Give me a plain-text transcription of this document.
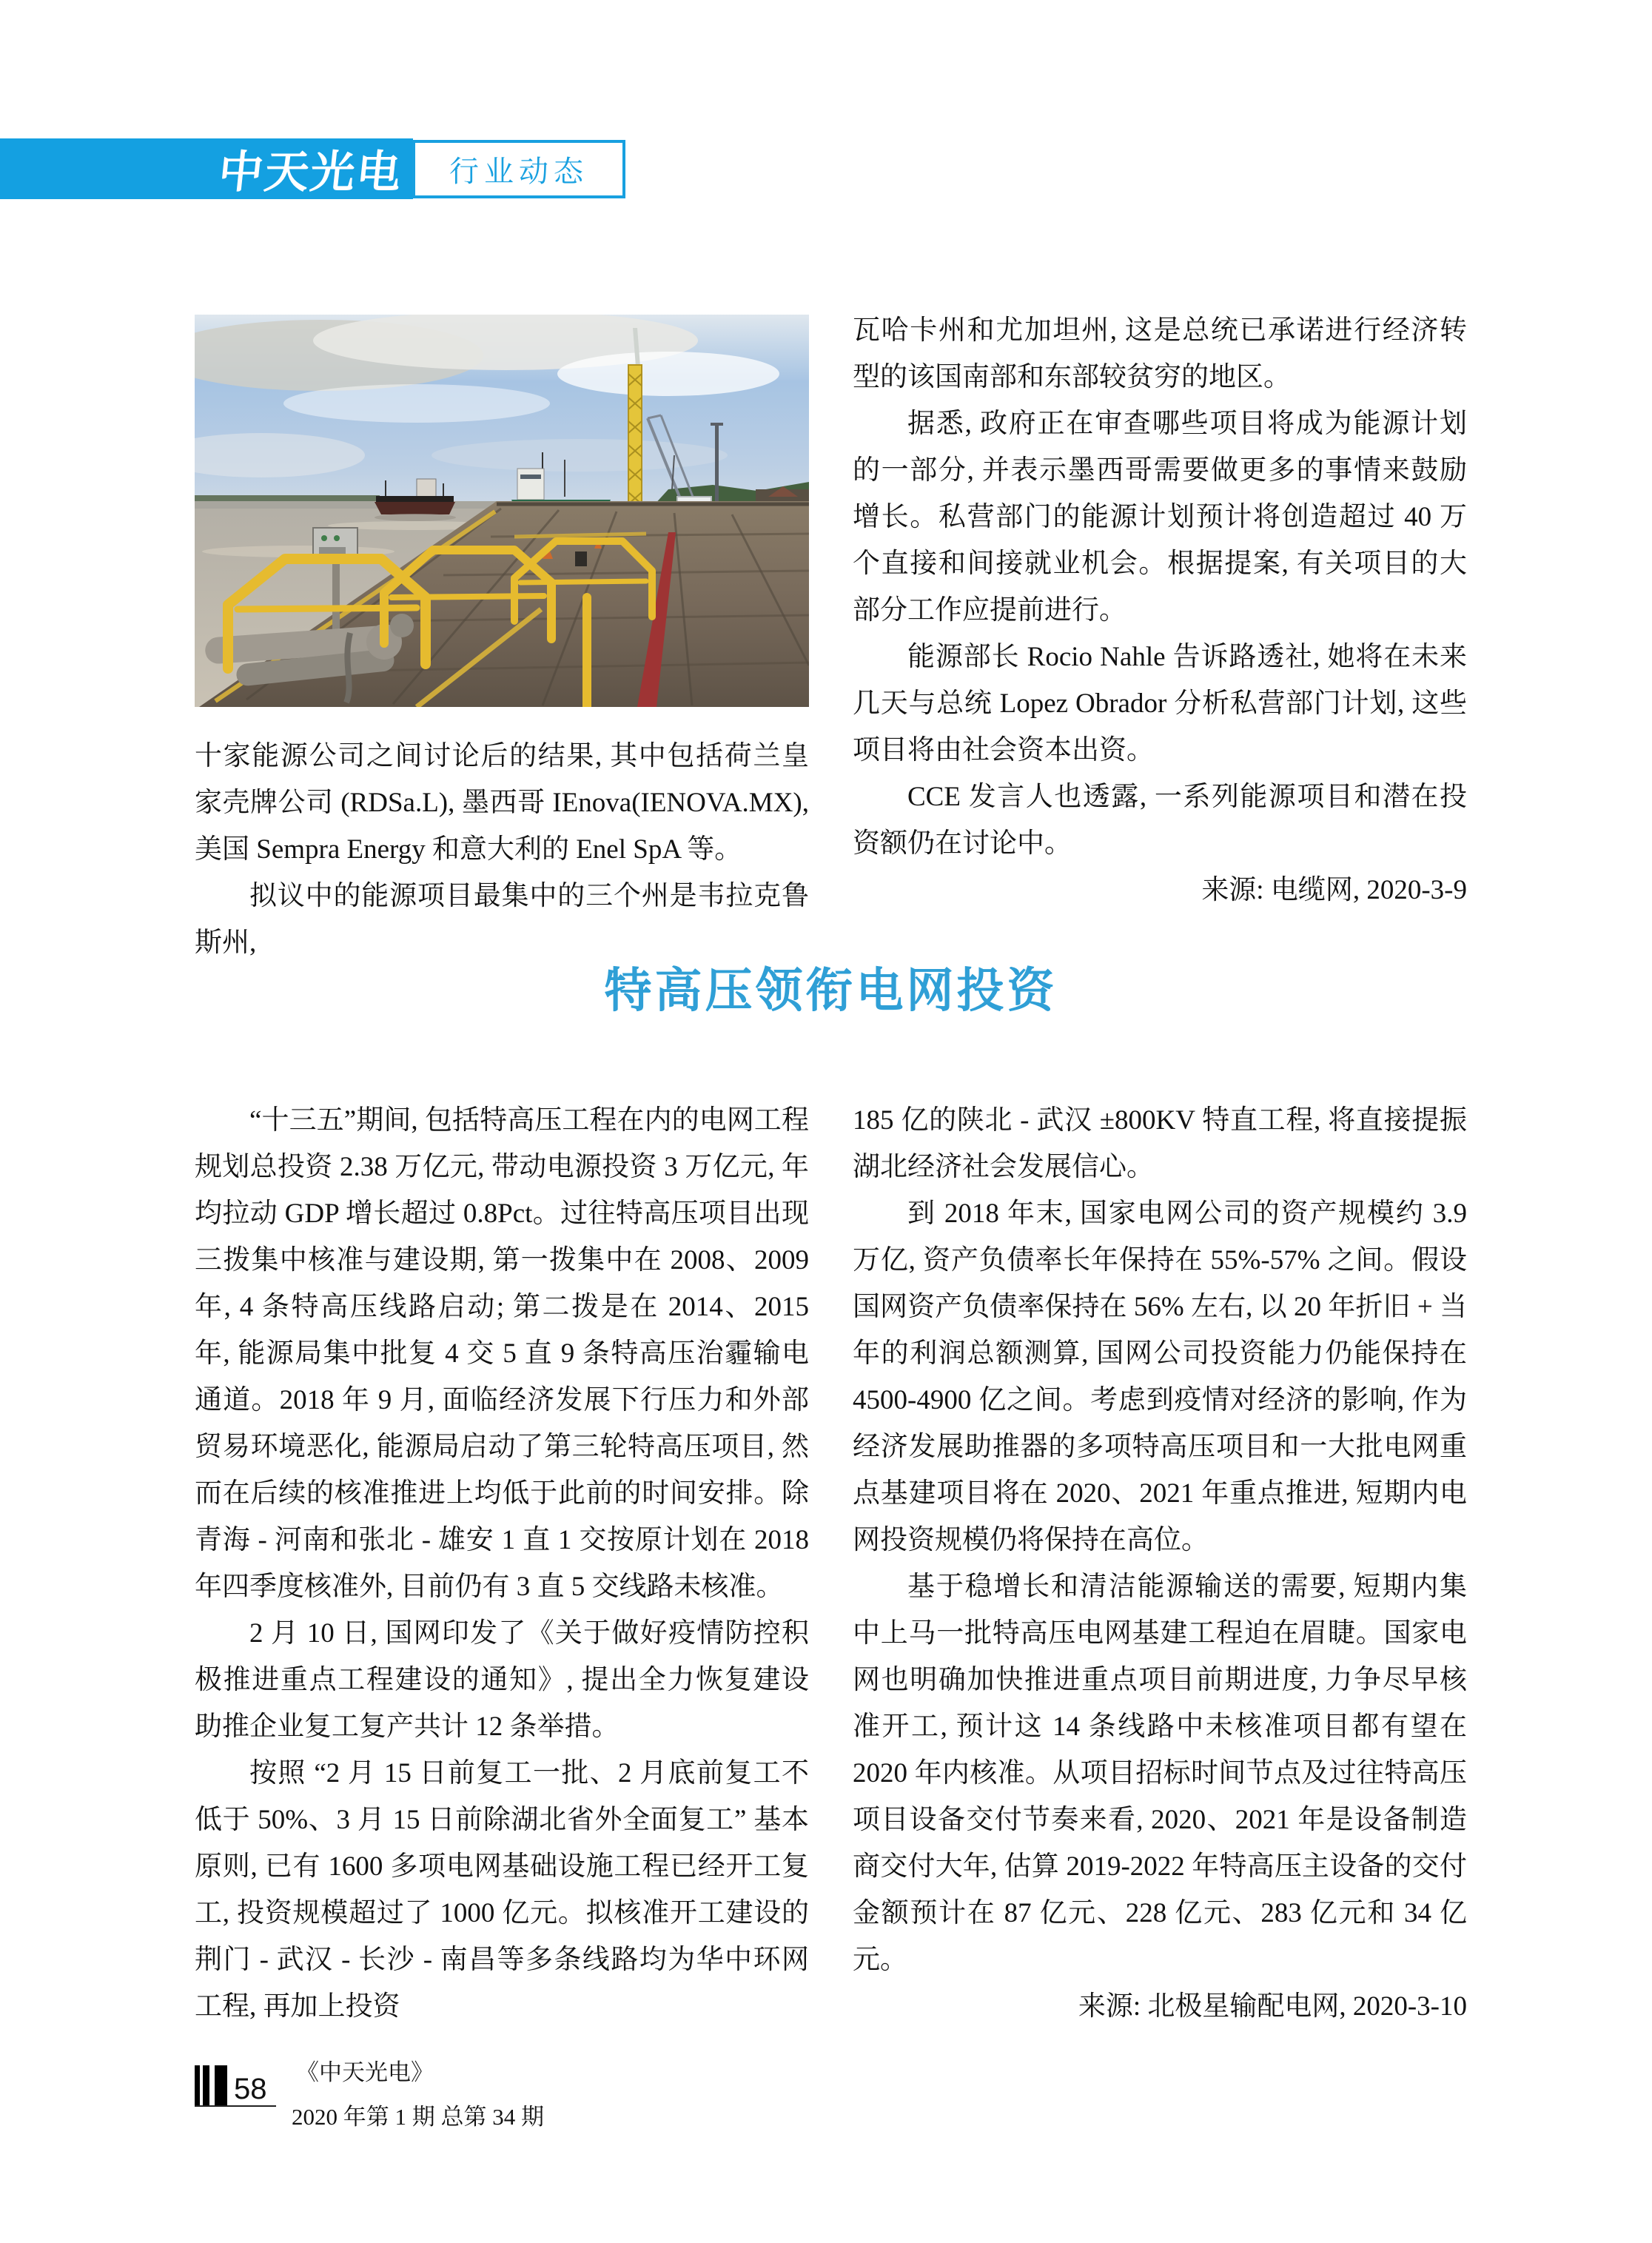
中天光电 行业动态

十家能源公司之间讨论后的结果, 其中包括荷兰皇家壳牌公司 (RDSa.L), 墨西哥 IEnova(IENOVA.MX), 美国 Sempra Energy 和意大利的 Enel SpA 等。

拟议中的能源项目最集中的三个州是韦拉克鲁斯州,

瓦哈卡州和尤加坦州, 这是总统已承诺进行经济转型的该国南部和东部较贫穷的地区。

据悉, 政府正在审查哪些项目将成为能源计划的一部分, 并表示墨西哥需要做更多的事情来鼓励增长。私营部门的能源计划预计将创造超过 40 万个直接和间接就业机会。根据提案, 有关项目的大部分工作应提前进行。

能源部长 Rocio Nahle 告诉路透社, 她将在未来几天与总统 Lopez Obrador 分析私营部门计划, 这些项目将由社会资本出资。

CCE 发言人也透露, 一系列能源项目和潜在投资额仍在讨论中。

来源: 电缆网, 2020-3-9

特高压领衔电网投资

“十三五”期间, 包括特高压工程在内的电网工程规划总投资 2.38 万亿元, 带动电源投资 3 万亿元, 年均拉动 GDP 增长超过 0.8Pct。过往特高压项目出现三拨集中核准与建设期, 第一拨集中在 2008、2009 年, 4 条特高压线路启动; 第二拨是在 2014、2015 年, 能源局集中批复 4 交 5 直 9 条特高压治霾输电通道。2018 年 9 月, 面临经济发展下行压力和外部贸易环境恶化, 能源局启动了第三轮特高压项目, 然而在后续的核准推进上均低于此前的时间安排。除青海 - 河南和张北 - 雄安 1 直 1 交按原计划在 2018 年四季度核准外, 目前仍有 3 直 5 交线路未核准。

2 月 10 日, 国网印发了《关于做好疫情防控积极推进重点工程建设的通知》, 提出全力恢复建设助推企业复工复产共计 12 条举措。

按照 “2 月 15 日前复工一批、2 月底前复工不低于 50%、3 月 15 日前除湖北省外全面复工” 基本原则, 已有 1600 多项电网基础设施工程已经开工复工, 投资规模超过了 1000 亿元。拟核准开工建设的荆门 - 武汉 - 长沙 - 南昌等多条线路均为华中环网工程, 再加上投资

185 亿的陕北 - 武汉 ±800KV 特直工程, 将直接提振湖北经济社会发展信心。

到 2018 年末, 国家电网公司的资产规模约 3.9 万亿, 资产负债率长年保持在 55%-57% 之间。假设国网资产负债率保持在 56% 左右, 以 20 年折旧 + 当年的利润总额测算, 国网公司投资能力仍能保持在 4500-4900 亿之间。考虑到疫情对经济的影响, 作为经济发展助推器的多项特高压项目和一大批电网重点基建项目将在 2020、2021 年重点推进, 短期内电网投资规模仍将保持在高位。

基于稳增长和清洁能源输送的需要, 短期内集中上马一批特高压电网基建工程迫在眉睫。国家电网也明确加快推进重点项目前期进度, 力争尽早核准开工, 预计这 14 条线路中未核准项目都有望在 2020 年内核准。从项目招标时间节点及过往特高压项目设备交付节奏来看, 2020、2021 年是设备制造商交付大年, 估算 2019-2022 年特高压主设备的交付金额预计在 87 亿元、228 亿元、283 亿元和 34 亿元。

来源: 北极星输配电网, 2020-3-10

58
《中天光电》
2020 年第 1 期 总第 34 期
